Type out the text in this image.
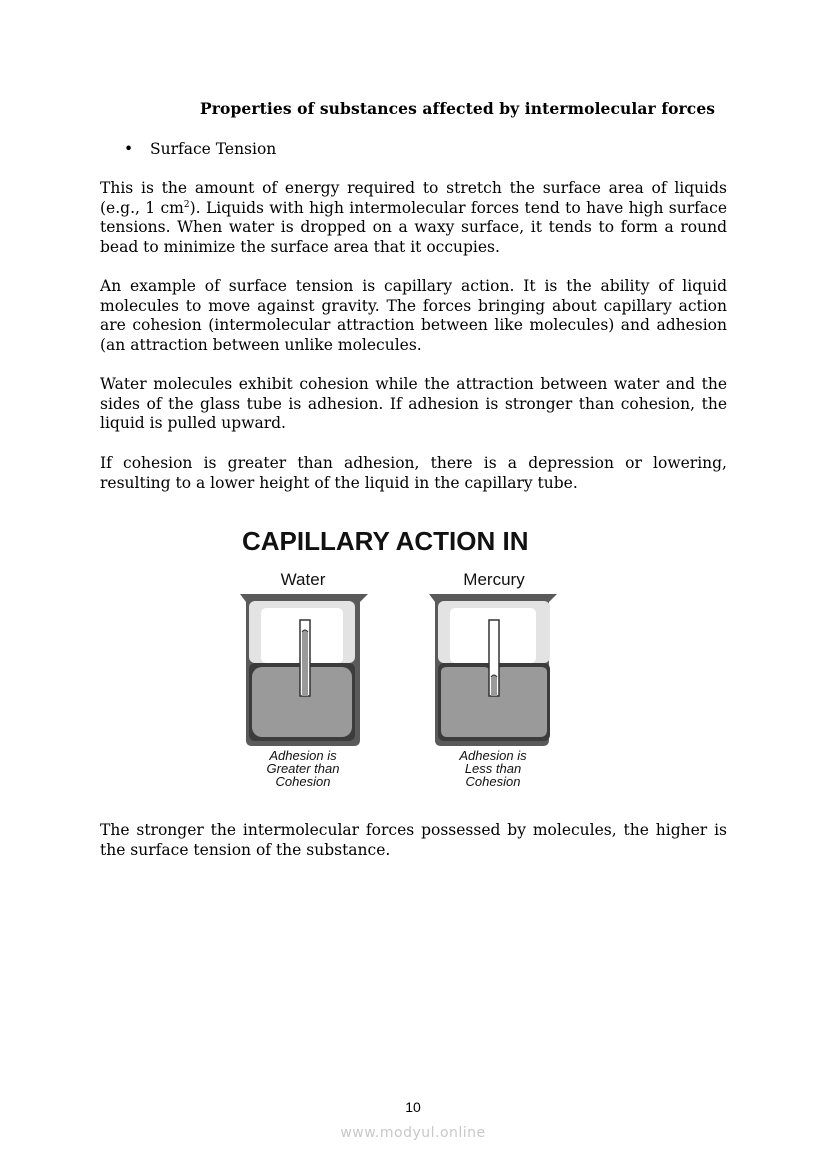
Properties of substances affected by intermolecular forces
• Surface Tension

This is the amount of energy required to stretch the surface area of liquids (e.g., 1 $cm^2$). Liquids with high intermolecular forces tend to have high surface tensions. When water is dropped on a waxy surface, it tends to form a round bead to minimize the surface area that it occupies.

An example of surface tension is capillary action. It is the ability of liquid molecules to move against gravity. The forces bringing about capillary action are cohesion (intermolecular attraction between like molecules) and adhesion (an attraction between unlike molecules.

Water molecules exhibit cohesion while the attraction between water and the sides of the glass tube is adhesion. If adhesion is stronger than cohesion, the liquid is pulled upward.

If cohesion is greater than adhesion, there is a depression or lowering, resulting to a lower height of the liquid in the capillary tube.

CAPILLARY ACTION IN
Water	Mercury
Adhesion is
Greater than
Cohesion
Adhesion is
Less than
Cohesion

The stronger the intermolecular forces possessed by molecules, the higher is the surface tension of the substance.

10
www.modyul.online
